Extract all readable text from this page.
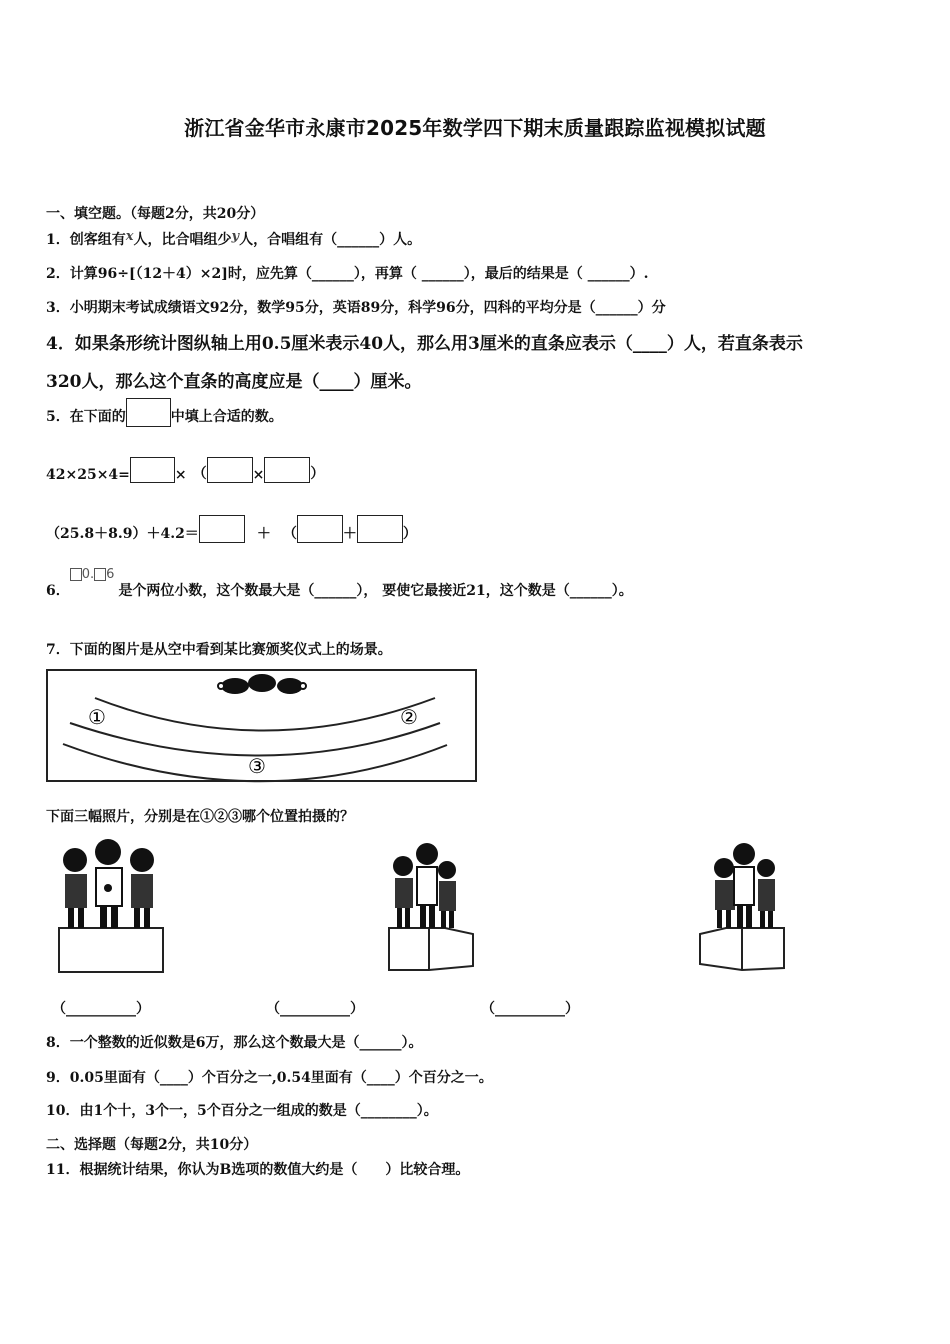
浙江省金华市永康市2025年数学四下期末质量跟踪监视模拟试题
一、填空题。（每题2分，共20分）
1．创客组有x人，比合唱组少y人，合唱组有（______）人。
2．计算96÷[（12＋4）×2]时，应先算（______），再算（ ______），最后的结果是（ ______）.
3．小明期末考试成绩语文92分，数学95分，英语89分，科学96分，四科的平均分是（______）分
4．如果条形统计图纵轴上用0.5厘米表示40人，那么用3厘米的直条应表示（____）人，若直条表示
320人，那么这个直条的高度应是（____）厘米。
5．在下面的	中填上合适的数。
42×25×4=	× （	×	）
（25.8＋8.9）＋4.2＝	＋ （	＋	）
6．0. 6是个两位小数，这个数最大是（______）， 要使它最接近21，这个数是（______）。
7．下面的图片是从空中看到某比赛颁奖仪式上的场景。
①	②
③
下面三幅照片，分别是在①②③哪个位置拍摄的？
（__________）	（__________）	（__________）
8．一个整数的近似数是6万，那么这个数最大是（______）。
9．0.05里面有（____）个百分之一,0.54里面有（____）个百分之一。
10．由1个十，3个一，5个百分之一组成的数是（________）。
二、选择题（每题2分，共10分）
11．根据统计结果，你认为B选项的数值大约是（　　）比较合理。
